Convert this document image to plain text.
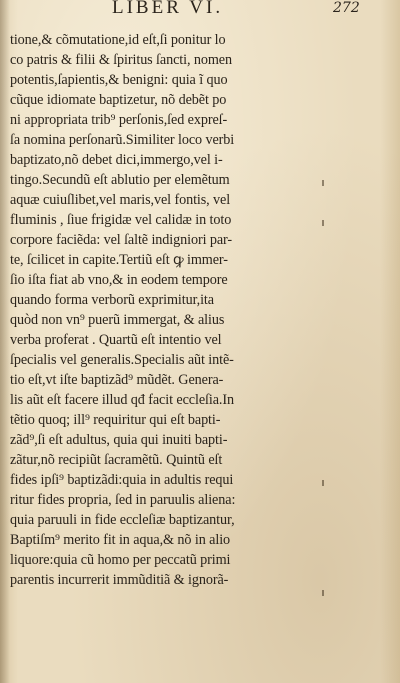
LIBER VI.	272
tione,& cõmutatione,id eſt,ſi ponitur lo
co patris & filii & ſpiritus ſancti, nomen
potentis,ſapientis,& benigni: quia ĩ quo
cũque idiomate baptizetur, nõ debẽt po
ni appropriata trib⁹ perſonis,ſed expreſ-
ſa nomina perſonarũ.Similiter loco verbi
baptizato,nõ debet dici,immergo,vel i-
tingo.Secundũ eſt ablutio per elemẽtum
aquæ cuiuſlibet,vel maris,vel fontis, vel
fluminis , ſiue frigidæ vel calidæ in toto
corpore faciẽda: vel ſaltẽ indigniori par-
te, ſcilicet in capite.Tertiũ eſt ꝙ immer-
ſio iſta fiat ab vno,& in eodem tempore
quando forma verborũ exprimitur,ita
quòd non vn⁹ puerũ immergat, & alius
verba proferat . Quartũ eſt intentio vel
ſpecialis vel generalis.Specialis aũt intẽ-
tio eſt,vt iſte baptizãd⁹ mũdẽt. Genera-
lis aũt eſt facere illud qđ facit eccleſia.In
tẽtio quoq; ill⁹ requiritur qui eſt bapti-
zãd⁹,ſi eſt adultus, quia qui inuiti bapti-
zãtur,nõ recipiũt ſacramẽtũ. Quintũ eſt
fides ipſi⁹ baptizãdi:quia in adultis requi
ritur fides propria, ſed in paruulis aliena:
quia paruuli in fide eccleſiæ baptizantur,
Baptiſm⁹ merito fit in aqua,& nõ in alio
liquore:quia cũ homo per peccatũ primi
parentis incurrerit immũditiã & ignorã-
